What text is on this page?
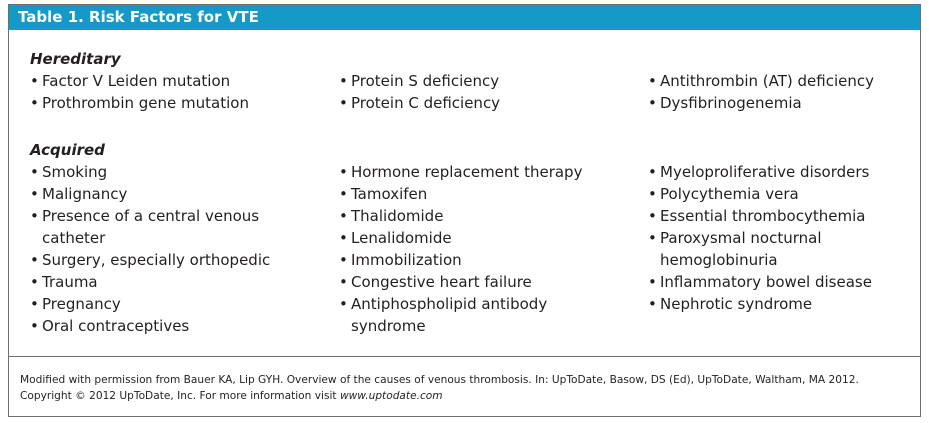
Table 1. Risk Factors for VTE
Hereditary
• Factor V Leiden mutation
• Prothrombin gene mutation
• Protein S deficiency
• Protein C deficiency
• Antithrombin (AT) deficiency
• Dysfibrinogenemia
Acquired
• Smoking
• Malignancy
• Presence of a central venous
catheter
• Surgery, especially orthopedic
• Trauma
• Pregnancy
• Oral contraceptives
• Hormone replacement therapy
• Tamoxifen
• Thalidomide
• Lenalidomide
• Immobilization
• Congestive heart failure
• Antiphospholipid antibody
syndrome
• Myeloproliferative disorders
• Polycythemia vera
• Essential thrombocythemia
• Paroxysmal nocturnal
hemoglobinuria
• Inflammatory bowel disease
• Nephrotic syndrome
Modified with permission from Bauer KA, Lip GYH. Overview of the causes of venous thrombosis. In: UpToDate, Basow, DS (Ed), UpToDate, Waltham, MA 2012. Copyright © 2012 UpToDate, Inc. For more information visit www.uptodate.com
